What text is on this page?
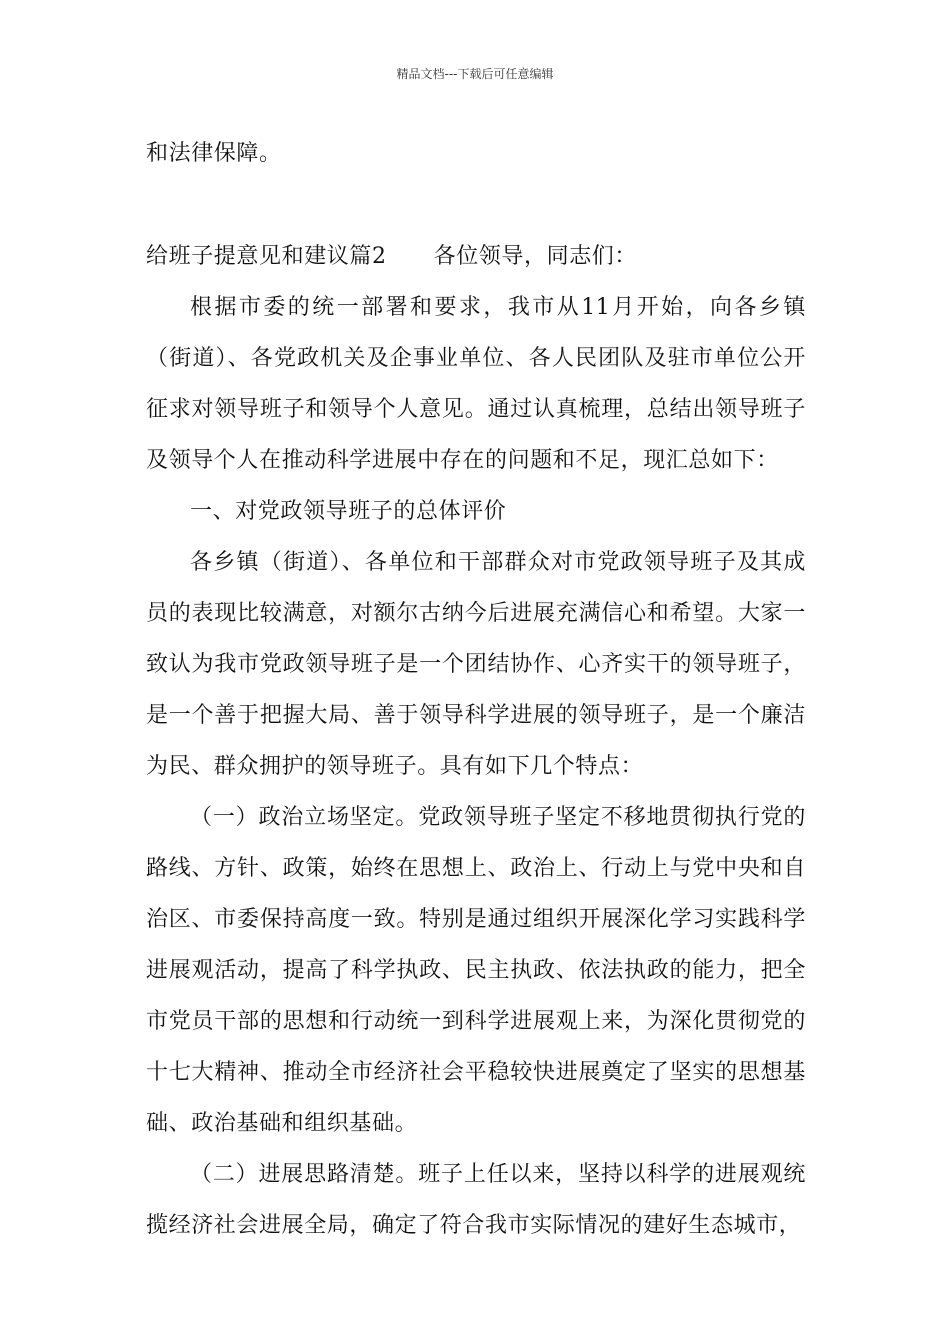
精品文档---下载后可任意编辑

和法律保障。

给班子提意见和建议篇2 各位领导，同志们：

根据市委的统一部署和要求，我市从11月开始，向各乡镇（街道）、各党政机关及企事业单位、各人民团队及驻市单位公开征求对领导班子和领导个人意见。通过认真梳理，总结出领导班子及领导个人在推动科学进展中存在的问题和不足，现汇总如下：

一、对党政领导班子的总体评价

各乡镇（街道）、各单位和干部群众对市党政领导班子及其成员的表现比较满意，对额尔古纳今后进展充满信心和希望。大家一致认为我市党政领导班子是一个团结协作、心齐实干的领导班子，是一个善于把握大局、善于领导科学进展的领导班子，是一个廉洁为民、群众拥护的领导班子。具有如下几个特点：

（一）政治立场坚定。党政领导班子坚定不移地贯彻执行党的路线、方针、政策，始终在思想上、政治上、行动上与党中央和自治区、市委保持高度一致。特别是通过组织开展深化学习实践科学进展观活动，提高了科学执政、民主执政、依法执政的能力，把全市党员干部的思想和行动统一到科学进展观上来，为深化贯彻党的十七大精神、推动全市经济社会平稳较快进展奠定了坚实的思想基础、政治基础和组织基础。

（二）进展思路清楚。班子上任以来，坚持以科学的进展观统揽经济社会进展全局，确定了符合我市实际情况的建好生态城市，
